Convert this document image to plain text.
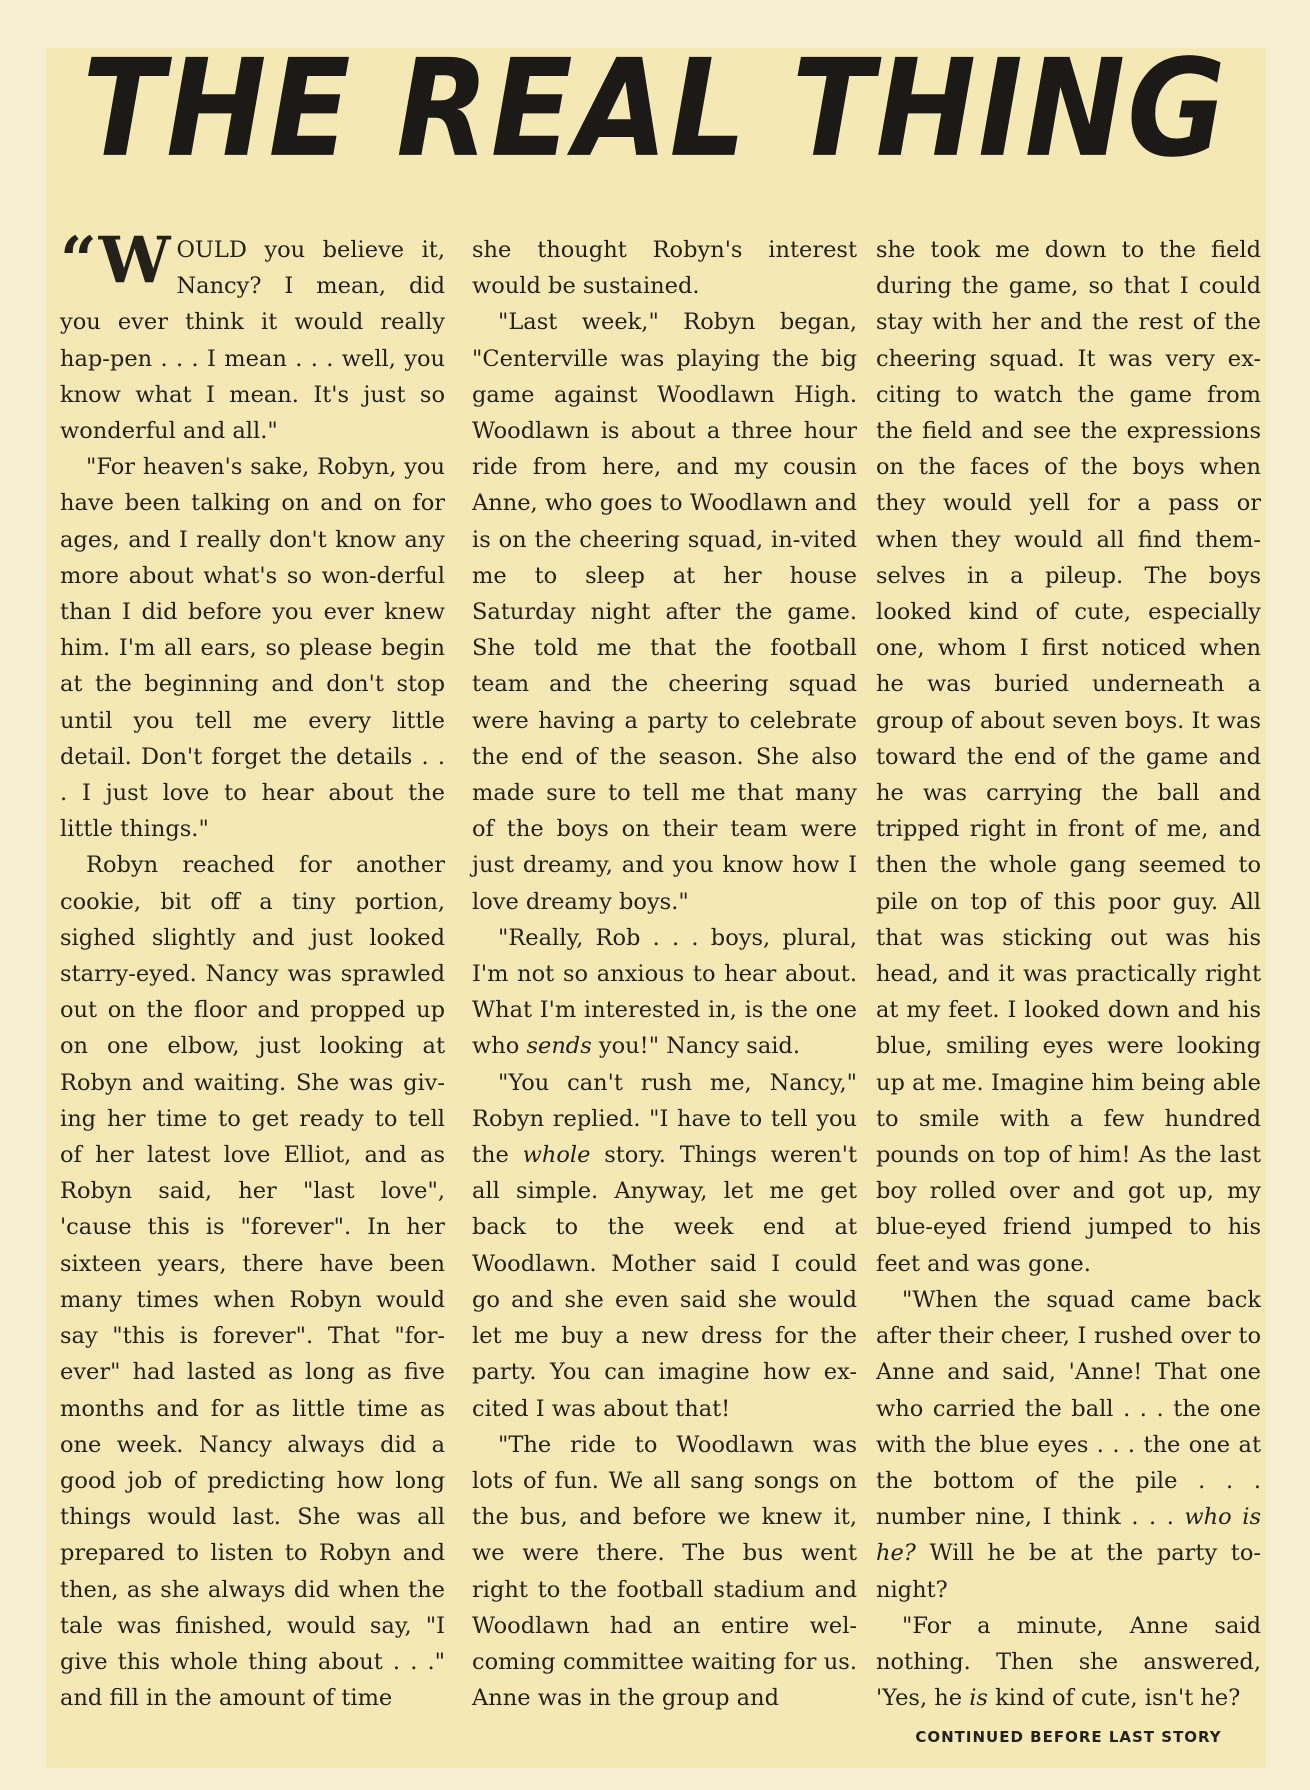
THE REAL THING

“W OULD you believe it, Nancy? I mean, did you ever think it would really hap-pen . . . I mean . . . well, you know what I mean. It's just so wonderful and all."

"For heaven's sake, Robyn, you have been talking on and on for ages, and I really don't know any more about what's so won-derful than I did before you ever knew him. I'm all ears, so please begin at the beginning and don't stop until you tell me every little detail. Don't forget the details . . . I just love to hear about the little things."

Robyn reached for another cookie, bit off a tiny portion, sighed slightly and just looked starry-eyed. Nancy was sprawled out on the floor and propped up on one elbow, just looking at Robyn and waiting. She was giv-ing her time to get ready to tell of her latest love Elliot, and as Robyn said, her "last love", 'cause this is "forever". In her sixteen years, there have been many times when Robyn would say "this is forever". That "for-ever" had lasted as long as five months and for as little time as one week. Nancy always did a good job of predicting how long things would last. She was all prepared to listen to Robyn and then, as she always did when the tale was finished, would say, "I give this whole thing about . . ." and fill in the amount of time

she thought Robyn's interest would be sustained.

"Last week," Robyn began, "Centerville was playing the big game against Woodlawn High. Woodlawn is about a three hour ride from here, and my cousin Anne, who goes to Woodlawn and is on the cheering squad, in-vited me to sleep at her house Saturday night after the game. She told me that the football team and the cheering squad were having a party to celebrate the end of the season. She also made sure to tell me that many of the boys on their team were just dreamy, and you know how I love dreamy boys."

"Really, Rob . . . boys, plural, I'm not so anxious to hear about. What I'm interested in, is the one who sends you!" Nancy said.

"You can't rush me, Nancy," Robyn replied. "I have to tell you the whole story. Things weren't all simple. Anyway, let me get back to the week end at Woodlawn. Mother said I could go and she even said she would let me buy a new dress for the party. You can imagine how ex-cited I was about that!

"The ride to Woodlawn was lots of fun. We all sang songs on the bus, and before we knew it, we were there. The bus went right to the football stadium and Woodlawn had an entire wel-coming committee waiting for us. Anne was in the group and

she took me down to the field during the game, so that I could stay with her and the rest of the cheering squad. It was very ex-citing to watch the game from the field and see the expressions on the faces of the boys when they would yell for a pass or when they would all find them-selves in a pileup. The boys looked kind of cute, especially one, whom I first noticed when he was buried underneath a group of about seven boys. It was toward the end of the game and he was carrying the ball and tripped right in front of me, and then the whole gang seemed to pile on top of this poor guy. All that was sticking out was his head, and it was practically right at my feet. I looked down and his blue, smiling eyes were looking up at me. Imagine him being able to smile with a few hundred pounds on top of him! As the last boy rolled over and got up, my blue-eyed friend jumped to his feet and was gone.

"When the squad came back after their cheer, I rushed over to Anne and said, 'Anne! That one who carried the ball . . . the one with the blue eyes . . . the one at the bottom of the pile . . . number nine, I think . . . who is he? Will he be at the party to-night?

"For a minute, Anne said nothing. Then she answered, 'Yes, he is kind of cute, isn't he?

CONTINUED BEFORE LAST STORY
